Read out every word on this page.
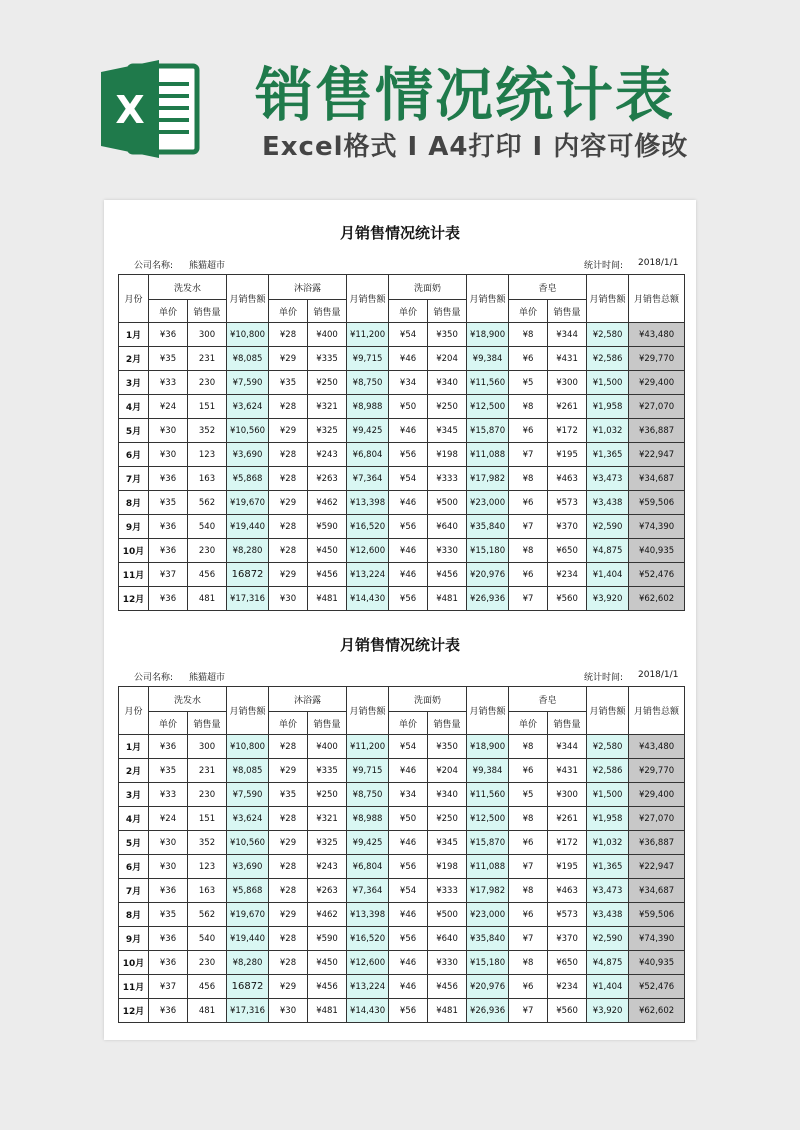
X 销售情况统计表
Excel格式 I A4打印 I 内容可修改
月销售情况统计表
公司名称: 熊猫超市	统计时间: 2018/1/1
月份	洗发水		月销售额	沐浴露		月销售额	洗面奶		月销售额	香皂		月销售额	月销售总额
	单价	销售量		单价	销售量		单价	销售量		单价	销售量		
1月	¥36	300	¥10,800	¥28	¥400	¥11,200	¥54	¥350	¥18,900	¥8	¥344	¥2,580	¥43,480
2月	¥35	231	¥8,085	¥29	¥335	¥9,715	¥46	¥204	¥9,384	¥6	¥431	¥2,586	¥29,770
3月	¥33	230	¥7,590	¥35	¥250	¥8,750	¥34	¥340	¥11,560	¥5	¥300	¥1,500	¥29,400
4月	¥24	151	¥3,624	¥28	¥321	¥8,988	¥50	¥250	¥12,500	¥8	¥261	¥1,958	¥27,070
5月	¥30	352	¥10,560	¥29	¥325	¥9,425	¥46	¥345	¥15,870	¥6	¥172	¥1,032	¥36,887
6月	¥30	123	¥3,690	¥28	¥243	¥6,804	¥56	¥198	¥11,088	¥7	¥195	¥1,365	¥22,947
7月	¥36	163	¥5,868	¥28	¥263	¥7,364	¥54	¥333	¥17,982	¥8	¥463	¥3,473	¥34,687
8月	¥35	562	¥19,670	¥29	¥462	¥13,398	¥46	¥500	¥23,000	¥6	¥573	¥3,438	¥59,506
9月	¥36	540	¥19,440	¥28	¥590	¥16,520	¥56	¥640	¥35,840	¥7	¥370	¥2,590	¥74,390
10月	¥36	230	¥8,280	¥28	¥450	¥12,600	¥46	¥330	¥15,180	¥8	¥650	¥4,875	¥40,935
11月	¥37	456	16872	¥29	¥456	¥13,224	¥46	¥456	¥20,976	¥6	¥234	¥1,404	¥52,476
12月	¥36	481	¥17,316	¥30	¥481	¥14,430	¥56	¥481	¥26,936	¥7	¥560	¥3,920	¥62,602
月销售情况统计表
公司名称: 熊猫超市	统计时间: 2018/1/1
月份	洗发水		月销售额	沐浴露		月销售额	洗面奶		月销售额	香皂		月销售额	月销售总额
	单价	销售量		单价	销售量		单价	销售量		单价	销售量		
1月	¥36	300	¥10,800	¥28	¥400	¥11,200	¥54	¥350	¥18,900	¥8	¥344	¥2,580	¥43,480
2月	¥35	231	¥8,085	¥29	¥335	¥9,715	¥46	¥204	¥9,384	¥6	¥431	¥2,586	¥29,770
3月	¥33	230	¥7,590	¥35	¥250	¥8,750	¥34	¥340	¥11,560	¥5	¥300	¥1,500	¥29,400
4月	¥24	151	¥3,624	¥28	¥321	¥8,988	¥50	¥250	¥12,500	¥8	¥261	¥1,958	¥27,070
5月	¥30	352	¥10,560	¥29	¥325	¥9,425	¥46	¥345	¥15,870	¥6	¥172	¥1,032	¥36,887
6月	¥30	123	¥3,690	¥28	¥243	¥6,804	¥56	¥198	¥11,088	¥7	¥195	¥1,365	¥22,947
7月	¥36	163	¥5,868	¥28	¥263	¥7,364	¥54	¥333	¥17,982	¥8	¥463	¥3,473	¥34,687
8月	¥35	562	¥19,670	¥29	¥462	¥13,398	¥46	¥500	¥23,000	¥6	¥573	¥3,438	¥59,506
9月	¥36	540	¥19,440	¥28	¥590	¥16,520	¥56	¥640	¥35,840	¥7	¥370	¥2,590	¥74,390
10月	¥36	230	¥8,280	¥28	¥450	¥12,600	¥46	¥330	¥15,180	¥8	¥650	¥4,875	¥40,935
11月	¥37	456	16872	¥29	¥456	¥13,224	¥46	¥456	¥20,976	¥6	¥234	¥1,404	¥52,476
12月	¥36	481	¥17,316	¥30	¥481	¥14,430	¥56	¥481	¥26,936	¥7	¥560	¥3,920	¥62,602
